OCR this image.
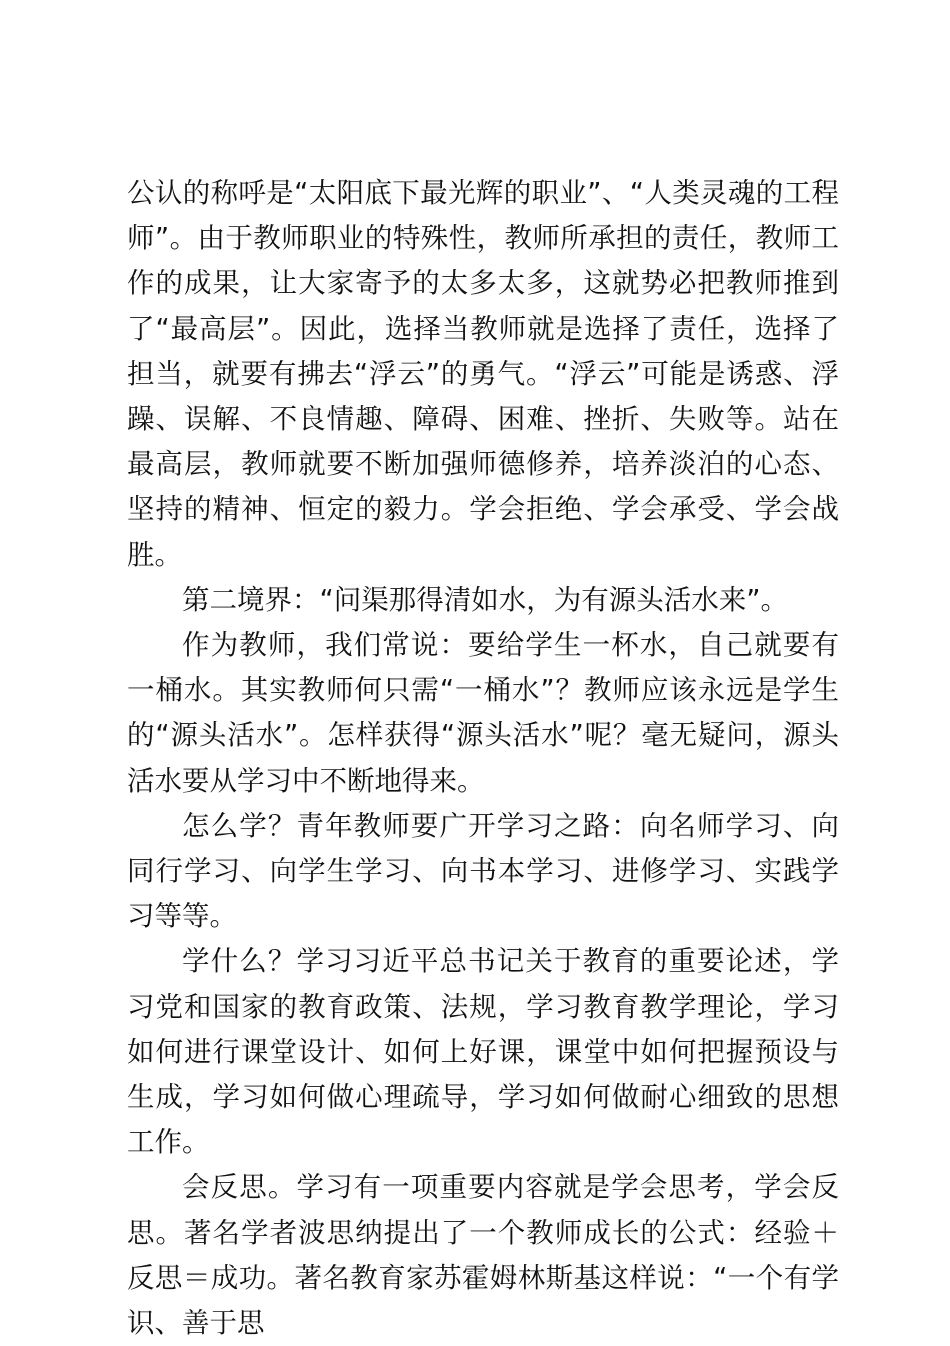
公认的称呼是“太阳底下最光辉的职业”、“人类灵魂的工程师”。由于教师职业的特殊性，教师所承担的责任，教师工作的成果，让大家寄予的太多太多，这就势必把教师推到了“最高层”。因此，选择当教师就是选择了责任，选择了担当，就要有拂去“浮云”的勇气。“浮云”可能是诱惑、浮躁、误解、不良情趣、障碍、困难、挫折、失败等。站在最高层，教师就要不断加强师德修养，培养淡泊的心态、坚持的精神、恒定的毅力。学会拒绝、学会承受、学会战胜。

第二境界：“问渠那得清如水，为有源头活水来”。

作为教师，我们常说：要给学生一杯水，自己就要有一桶水。其实教师何只需“一桶水”？教师应该永远是学生的“源头活水”。怎样获得“源头活水”呢？毫无疑问，源头活水要从学习中不断地得来。

怎么学？青年教师要广开学习之路：向名师学习、向同行学习、向学生学习、向书本学习、进修学习、实践学习等等。

学什么？学习习近平总书记关于教育的重要论述，学习党和国家的教育政策、法规，学习教育教学理论，学习如何进行课堂设计、如何上好课，课堂中如何把握预设与生成，学习如何做心理疏导，学习如何做耐心细致的思想工作。

会反思。学习有一项重要内容就是学会思考，学会反思。著名学者波思纳提出了一个教师成长的公式：经验＋反思＝成功。著名教育家苏霍姆林斯基这样说：“一个有学识、善于思
